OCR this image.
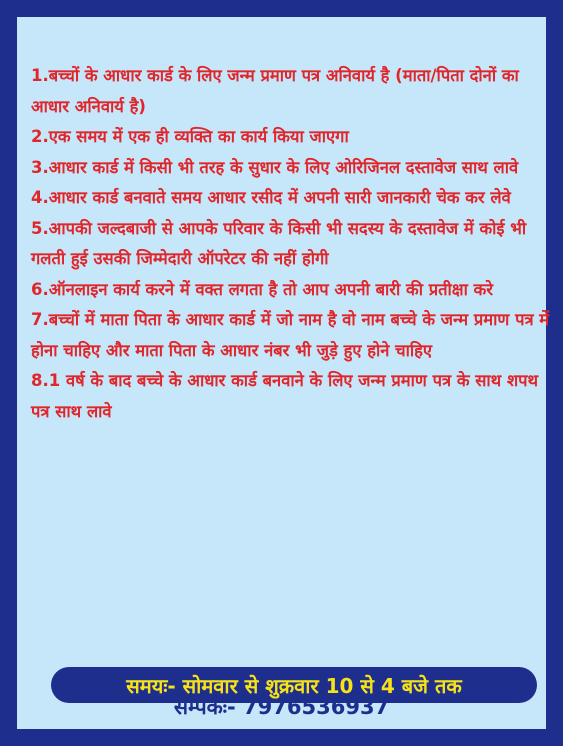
1.बच्चों के आधार कार्ड के लिए जन्म प्रमाण पत्र अनिवार्य है (माता/पिता दोनों का आधार अनिवार्य है)

2.एक समय में एक ही व्यक्ति का कार्य किया जाएगा

3.आधार कार्ड में किसी भी तरह के सुधार के लिए ओरिजिनल दस्तावेज साथ लावे

4.आधार कार्ड बनवाते समय आधार रसीद में अपनी सारी जानकारी चेक कर लेवे

5.आपकी जल्दबाजी से आपके परिवार के किसी भी सदस्य के दस्तावेज में कोई भी गलती हुई उसकी जिम्मेदारी ऑपरेटर की नहीं होगी

6.ऑनलाइन कार्य करने में वक्त लगता है तो आप अपनी बारी की प्रतीक्षा करे

7.बच्चों में माता पिता के आधार कार्ड में जो नाम है वो नाम बच्चे के जन्म प्रमाण पत्र में होना चाहिए और माता पिता के आधार नंबर भी जुड़े हुए होने चाहिए

8.1 वर्ष के बाद बच्चे के आधार कार्ड बनवाने के लिए जन्म प्रमाण पत्र के साथ शपथ पत्र साथ लावे

समयः- सोमवार से शुक्रवार 10 से 4 बजे तक
सम्पर्कः- 7976536937
